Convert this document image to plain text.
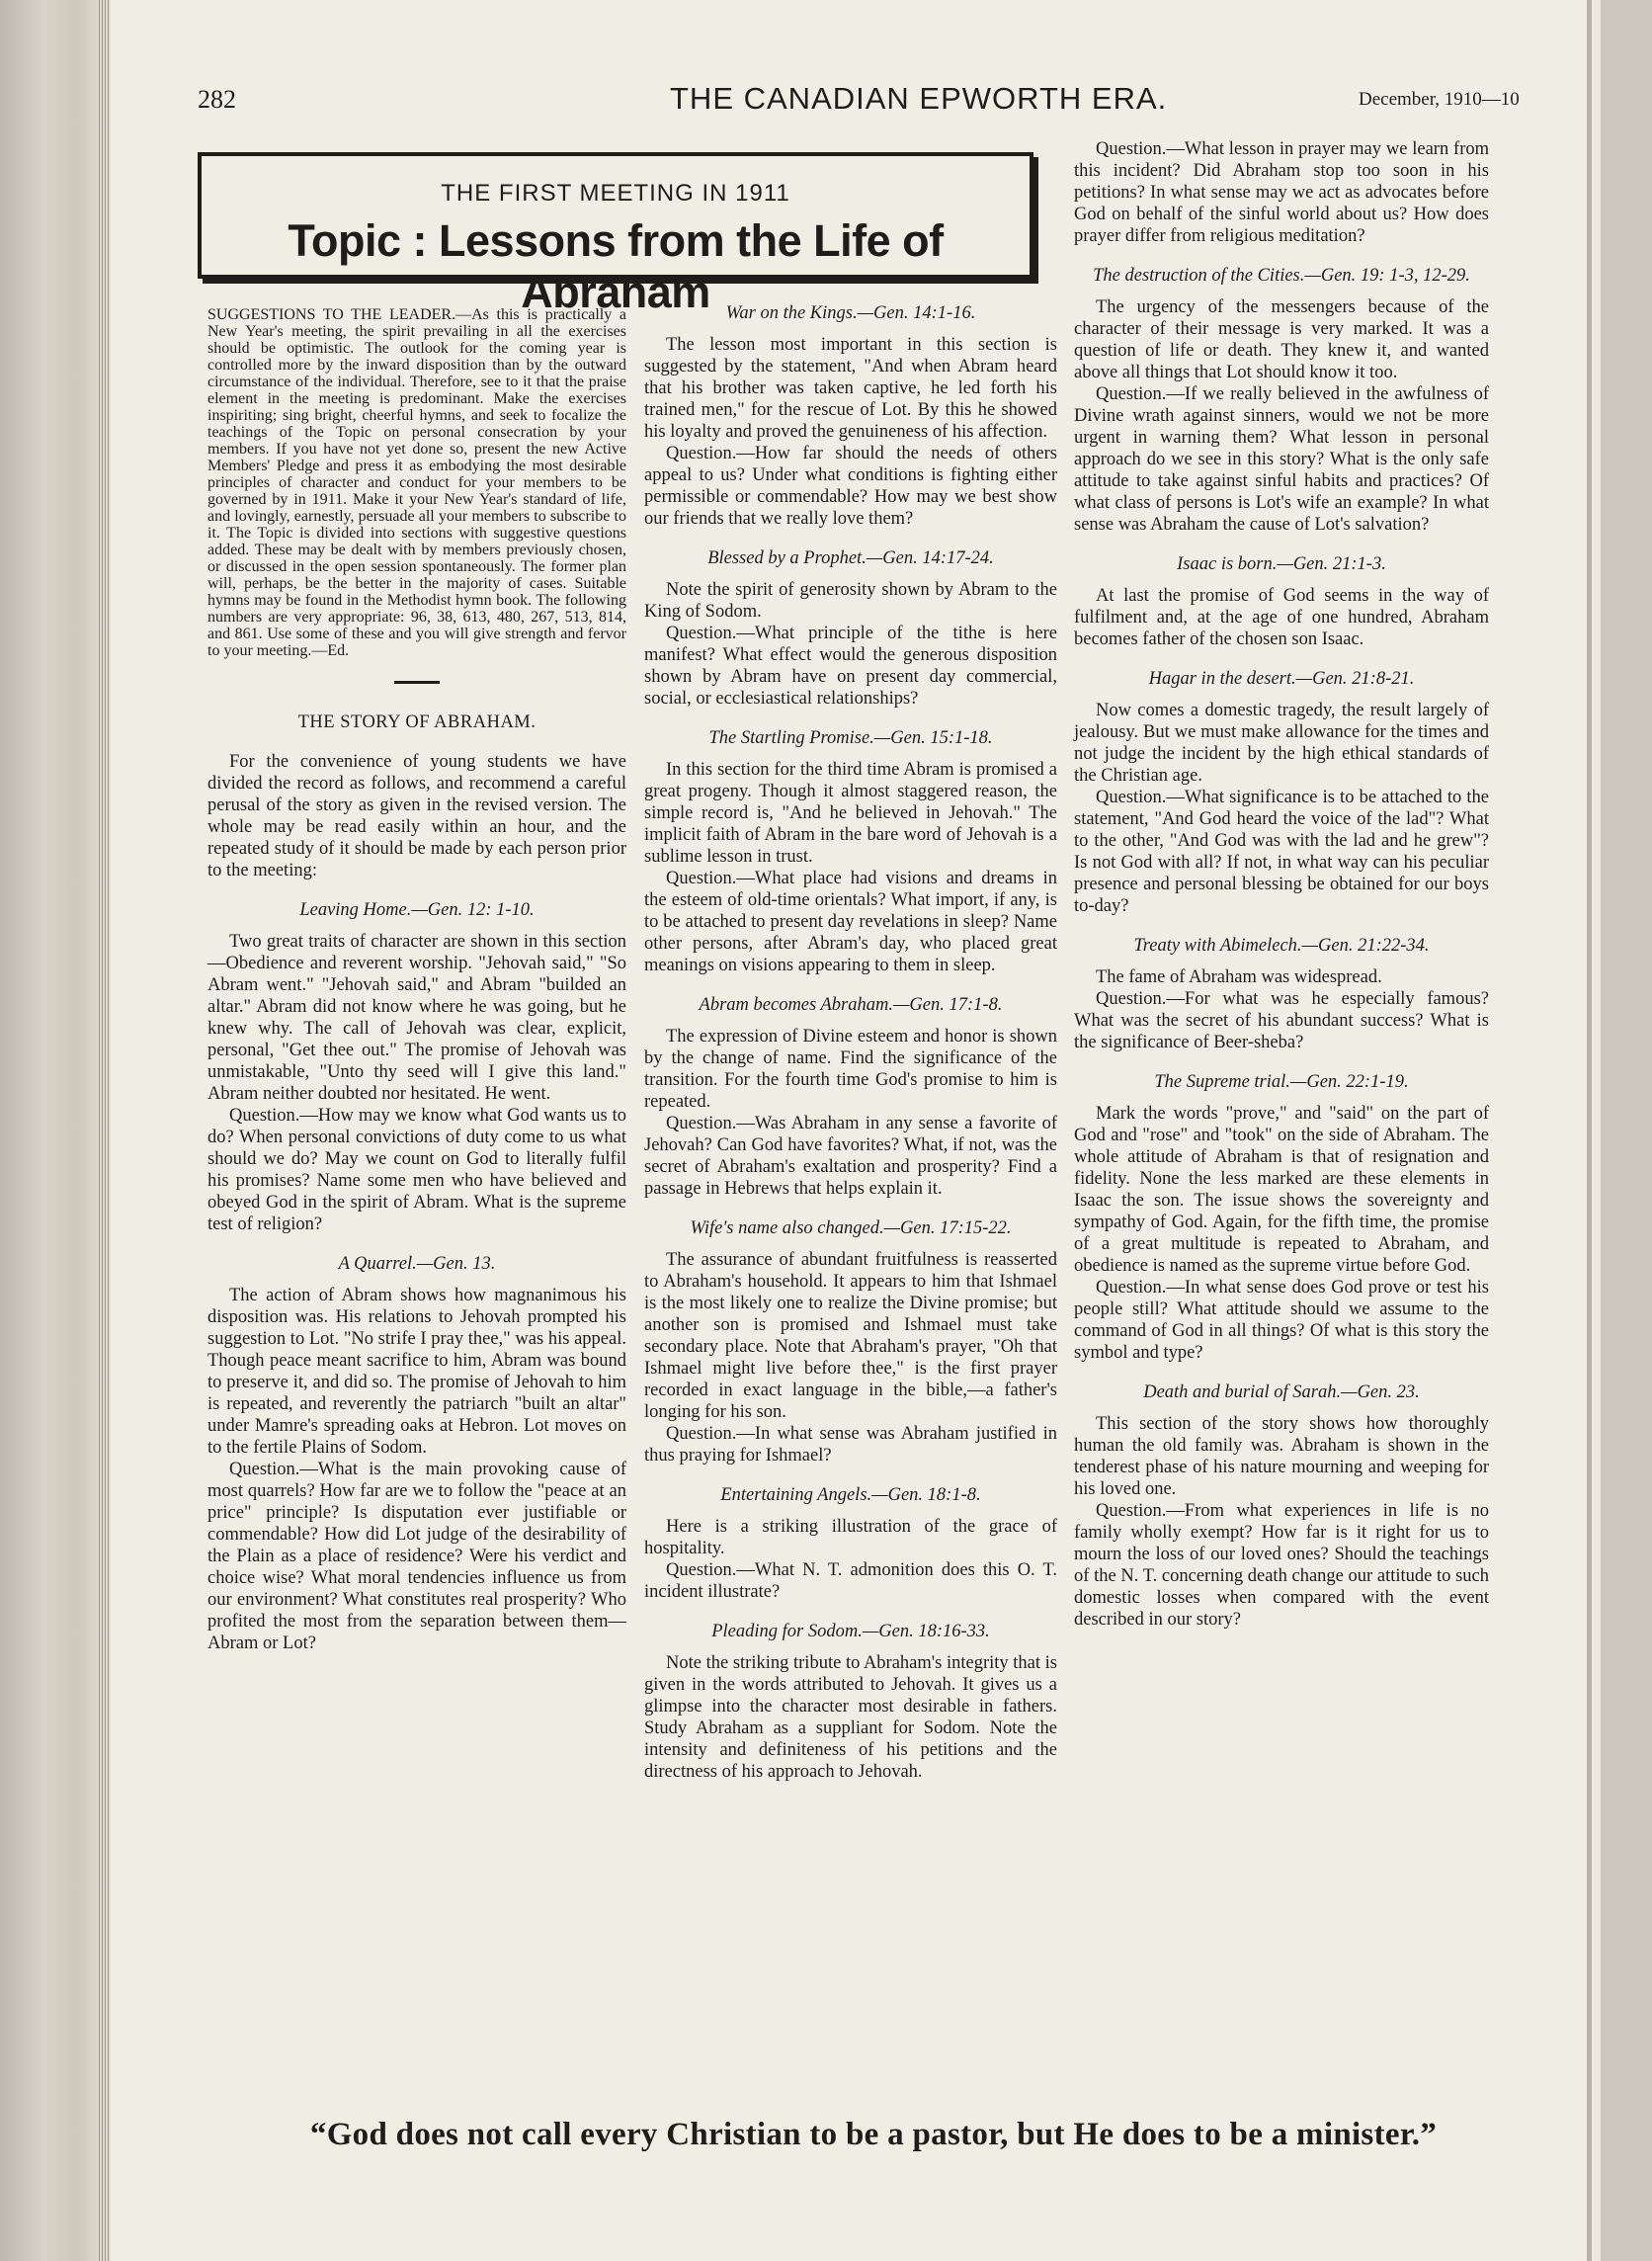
282	THE CANADIAN EPWORTH ERA.	December, 1910—10
THE FIRST MEETING IN 1911
Topic : Lessons from the Life of Abraham
SUGGESTIONS TO THE LEADER.—As this is practically a New Year's meeting, the spirit prevailing in all the exercises should be optimistic. The outlook for the coming year is controlled more by the inward disposition than by the outward circumstance of the individual. Therefore, see to it that the praise element in the meeting is predominant. Make the exercises inspiriting; sing bright, cheerful hymns, and seek to focalize the teachings of the Topic on personal consecration by your members. If you have not yet done so, present the new Active Members' Pledge and press it as embodying the most desirable principles of character and conduct for your members to be governed by in 1911. Make it your New Year's standard of life, and lovingly, earnestly, persuade all your members to subscribe to it. The Topic is divided into sections with suggestive questions added. These may be dealt with by members previously chosen, or discussed in the open session spontaneously. The former plan will, perhaps, be the better in the majority of cases. Suitable hymns may be found in the Methodist hymn book. The following numbers are very appropriate: 96, 38, 613, 480, 267, 513, 814, and 861. Use some of these and you will give strength and fervor to your meeting.—Ed.
THE STORY OF ABRAHAM.

For the convenience of young students we have divided the record as follows, and recommend a careful perusal of the story as given in the revised version. The whole may be read easily within an hour, and the repeated study of it should be made by each person prior to the meeting:

Leaving Home.—Gen. 12: 1-10.

Two great traits of character are shown in this section—Obedience and reverent worship. "Jehovah said," "So Abram went." "Jehovah said," and Abram "builded an altar." Abram did not know where he was going, but he knew why. The call of Jehovah was clear, explicit, personal, "Get thee out." The promise of Jehovah was unmistakable, "Unto thy seed will I give this land." Abram neither doubted nor hesitated. He went.

Question.—How may we know what God wants us to do? When personal convictions of duty come to us what should we do? May we count on God to literally fulfil his promises? Name some men who have believed and obeyed God in the spirit of Abram. What is the supreme test of religion?

A Quarrel.—Gen. 13.

The action of Abram shows how magnanimous his disposition was. His relations to Jehovah prompted his suggestion to Lot. "No strife I pray thee," was his appeal. Though peace meant sacrifice to him, Abram was bound to preserve it, and did so. The promise of Jehovah to him is repeated, and reverently the patriarch "built an altar" under Mamre's spreading oaks at Hebron. Lot moves on to the fertile Plains of Sodom.

Question.—What is the main provoking cause of most quarrels? How far are we to follow the "peace at an price" principle? Is disputation ever justifiable or commendable? How did Lot judge of the desirability of the Plain as a place of residence? Were his verdict and choice wise? What moral tendencies influence us from our environment? What constitutes real prosperity? Who profited the most from the separation between them—Abram or Lot?

War on the Kings.—Gen. 14:1-16.

The lesson most important in this section is suggested by the statement, "And when Abram heard that his brother was taken captive, he led forth his trained men," for the rescue of Lot. By this he showed his loyalty and proved the genuineness of his affection.

Question.—How far should the needs of others appeal to us? Under what conditions is fighting either permissible or commendable? How may we best show our friends that we really love them?

Blessed by a Prophet.—Gen. 14:17-24.

Note the spirit of generosity shown by Abram to the King of Sodom.

Question.—What principle of the tithe is here manifest? What effect would the generous disposition shown by Abram have on present day commercial, social, or ecclesiastical relationships?

The Startling Promise.—Gen. 15:1-18.

In this section for the third time Abram is promised a great progeny. Though it almost staggered reason, the simple record is, "And he believed in Jehovah." The implicit faith of Abram in the bare word of Jehovah is a sublime lesson in trust.

Question.—What place had visions and dreams in the esteem of old-time orientals? What import, if any, is to be attached to present day revelations in sleep? Name other persons, after Abram's day, who placed great meanings on visions appearing to them in sleep.

Abram becomes Abraham.—Gen. 17:1-8.

The expression of Divine esteem and honor is shown by the change of name. Find the significance of the transition. For the fourth time God's promise to him is repeated.

Question.—Was Abraham in any sense a favorite of Jehovah? Can God have favorites? What, if not, was the secret of Abraham's exaltation and prosperity? Find a passage in Hebrews that helps explain it.

Wife's name also changed.—Gen. 17:15-22.

The assurance of abundant fruitfulness is reasserted to Abraham's household. It appears to him that Ishmael is the most likely one to realize the Divine promise; but another son is promised and Ishmael must take secondary place. Note that Abraham's prayer, "Oh that Ishmael might live before thee," is the first prayer recorded in exact language in the bible,—a father's longing for his son.

Question.—In what sense was Abraham justified in thus praying for Ishmael?

Entertaining Angels.—Gen. 18:1-8.

Here is a striking illustration of the grace of hospitality.

Question.—What N. T. admonition does this O. T. incident illustrate?

Pleading for Sodom.—Gen. 18:16-33.

Note the striking tribute to Abraham's integrity that is given in the words attributed to Jehovah. It gives us a glimpse into the character most desirable in fathers. Study Abraham as a suppliant for Sodom. Note the intensity and definiteness of his petitions and the directness of his approach to Jehovah.

Question.—What lesson in prayer may we learn from this incident? Did Abraham stop too soon in his petitions? In what sense may we act as advocates before God on behalf of the sinful world about us? How does prayer differ from religious meditation?

The destruction of the Cities.—Gen. 19: 1-3, 12-29.

The urgency of the messengers because of the character of their message is very marked. It was a question of life or death. They knew it, and wanted above all things that Lot should know it too.

Question.—If we really believed in the awfulness of Divine wrath against sinners, would we not be more urgent in warning them? What lesson in personal approach do we see in this story? What is the only safe attitude to take against sinful habits and practices? Of what class of persons is Lot's wife an example? In what sense was Abraham the cause of Lot's salvation?

Isaac is born.—Gen. 21:1-3.

At last the promise of God seems in the way of fulfilment and, at the age of one hundred, Abraham becomes father of the chosen son Isaac.

Hagar in the desert.—Gen. 21:8-21.

Now comes a domestic tragedy, the result largely of jealousy. But we must make allowance for the times and not judge the incident by the high ethical standards of the Christian age.

Question.—What significance is to be attached to the statement, "And God heard the voice of the lad"? What to the other, "And God was with the lad and he grew"? Is not God with all? If not, in what way can his peculiar presence and personal blessing be obtained for our boys to-day?

Treaty with Abimelech.—Gen. 21:22-34.

The fame of Abraham was widespread.

Question.—For what was he especially famous? What was the secret of his abundant success? What is the significance of Beer-sheba?

The Supreme trial.—Gen. 22:1-19.

Mark the words "prove," and "said" on the part of God and "rose" and "took" on the side of Abraham. The whole attitude of Abraham is that of resignation and fidelity. None the less marked are these elements in Isaac the son. The issue shows the sovereignty and sympathy of God. Again, for the fifth time, the promise of a great multitude is repeated to Abraham, and obedience is named as the supreme virtue before God.

Question.—In what sense does God prove or test his people still? What attitude should we assume to the command of God in all things? Of what is this story the symbol and type?

Death and burial of Sarah.—Gen. 23.

This section of the story shows how thoroughly human the old family was. Abraham is shown in the tenderest phase of his nature mourning and weeping for his loved one.

Question.—From what experiences in life is no family wholly exempt? How far is it right for us to mourn the loss of our loved ones? Should the teachings of the N. T. concerning death change our attitude to such domestic losses when compared with the event described in our story?

“God does not call every Christian to be a pastor, but He does to be a minister.”
